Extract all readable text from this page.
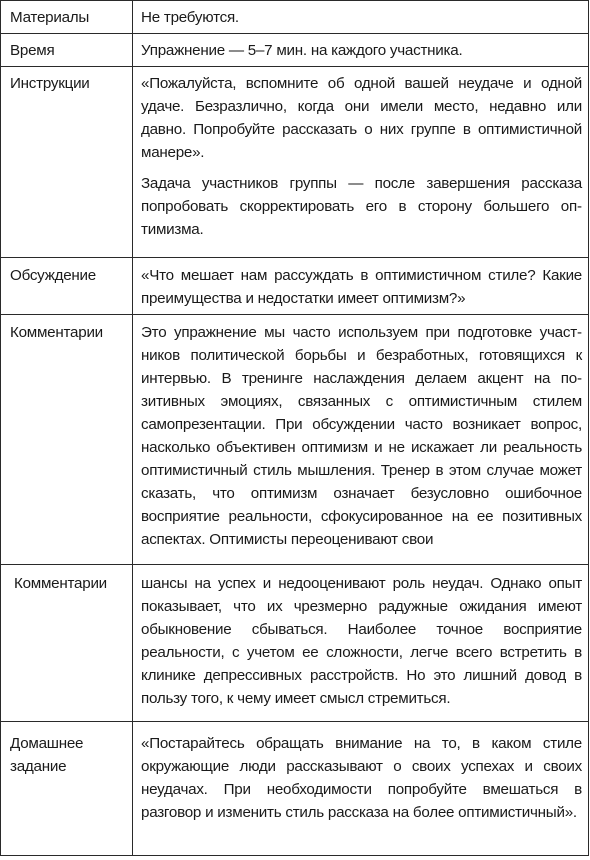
Материалы	Не требуются.

Время	Упражнение — 5–7 мин. на каждого участника.

Инструкции	«Пожалуйста, вспомните об одной вашей неудаче и одной удаче. Безразлично, когда они имели место, недавно или давно. Попробуйте рассказать о них группе в оптимистичной манере».

Задача участников группы — после завершения рассказа попробовать скорректировать его в сторону большего оптимизма.

Обсуждение	«Что мешает нам рассуждать в оптимистичном стиле? Какие преимущества и недостатки имеет оптимизм?»

Комментарии	Это упражнение мы часто используем при подготовке участников политической борьбы и безработных, готовящихся к интервью. В тренинге наслаждения делаем акцент на позитивных эмоциях, связанных с оптимистичным стилем самопрезентации. При обсуждении часто возникает вопрос, насколько объективен оптимизм и не искажает ли реальность оптимистичный стиль мышления. Тренер в этом случае может сказать, что оптимизм означает безусловно ошибочное восприятие реальности, сфокусированное на ее позитивных аспектах. Оптимисты переоценивают свои

Комментарии	шансы на успех и недооценивают роль неудач. Однако опыт показывает, что их чрезмерно радужные ожидания имеют обыкновение сбываться. Наиболее точное восприятие реальности, с учетом ее сложности, легче всего встретить в клинике депрессивных расстройств. Но это лишний довод в пользу того, к чему имеет смысл стремиться.

Домашнее задание	«Постарайтесь обращать внимание на то, в каком стиле окружающие люди рассказывают о своих успехах и своих неудачах. При необходимости попробуйте вмешаться в разговор и изменить стиль рассказа на более оптимистичный».
